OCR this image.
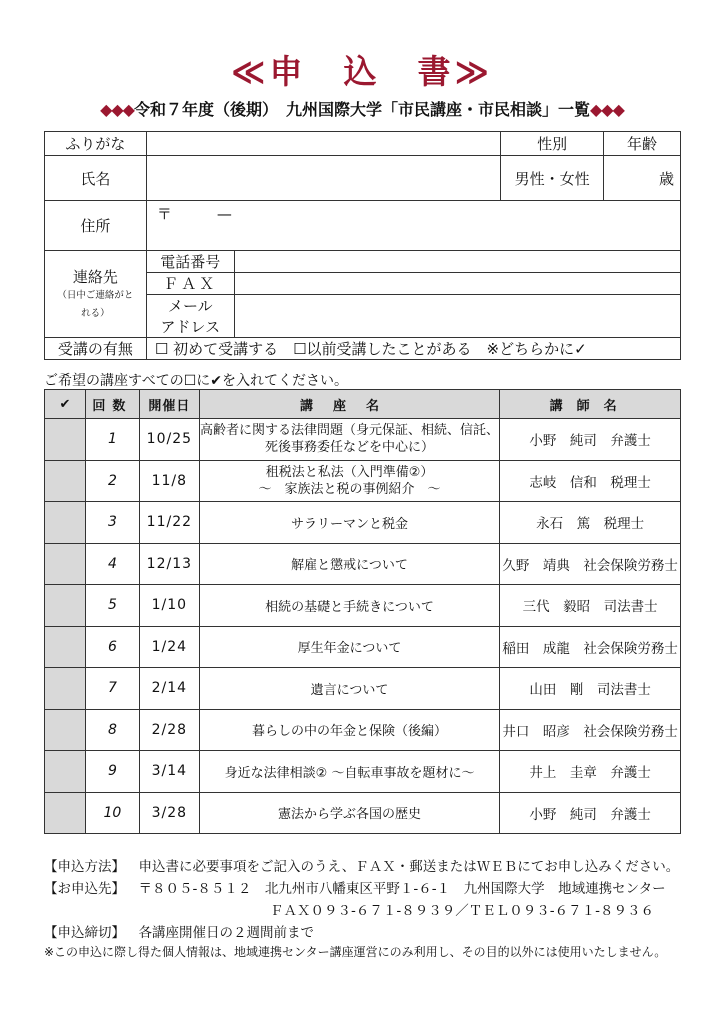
≪申　込　書≫
◆◆◆令和７年度（後期）　九州国際大学「市民講座・市民相談」一覧◆◆◆
ふりがな			性別	年齢
氏名			男性・女性	歳
住所	〒　　　—			

連絡先
（日中ご連絡がとれる）	電話番号			
	ＦＡＸ			
	メール			
	アドレス			
受講の有無	☐ 初めて受講する　☐以前受講したことがある　※どちらかに✓			
ご希望の講座すべての☐に✔を入れてください。
✔	回数	開催日	講座名	講師名
	1	10/25	高齢者に関する法律問題（身元保証、相続、信託、死後事務委任などを中心に）	小野　純司　弁護士
	2	11/8	租税法と私法（入門準備②）
～　家族法と税の事例紹介　～	志岐　信和　税理士
	3	11/22	サラリーマンと税金	永石　篤　税理士
	4	12/13	解雇と懲戒について	久野　靖典　社会保険労務士
	5	1/10	相続の基礎と手続きについて	三代　毅昭　司法書士
	6	1/24	厚生年金について	稲田　成龍　社会保険労務士
	7	2/14	遺言について	山田　剛　司法書士
	8	2/28	暮らしの中の年金と保険（後編）	井口　昭彦　社会保険労務士
	9	3/14	身近な法律相談② ～自転車事故を題材に～	井上　圭章　弁護士
	10	3/28	憲法から学ぶ各国の歴史	小野　純司　弁護士
【申込方法】　 申込書に必要事項をご記入のうえ、ＦＡＸ・郵送またはＷＥＢにてお申し込みください。
【お申込先】　 〒８０５-８５１２　北九州市八幡東区平野１-６-１　九州国際大学　地域連携センター
ＦＡＸ０９３-６７１-８９３９／ＴＥＬ０９３-６７１-８９３６
【申込締切】　 各講座開催日の２週間前まで
※この申込に際し得た個人情報は、地域連携センター講座運営にのみ利用し、その目的以外には使用いたしません。
